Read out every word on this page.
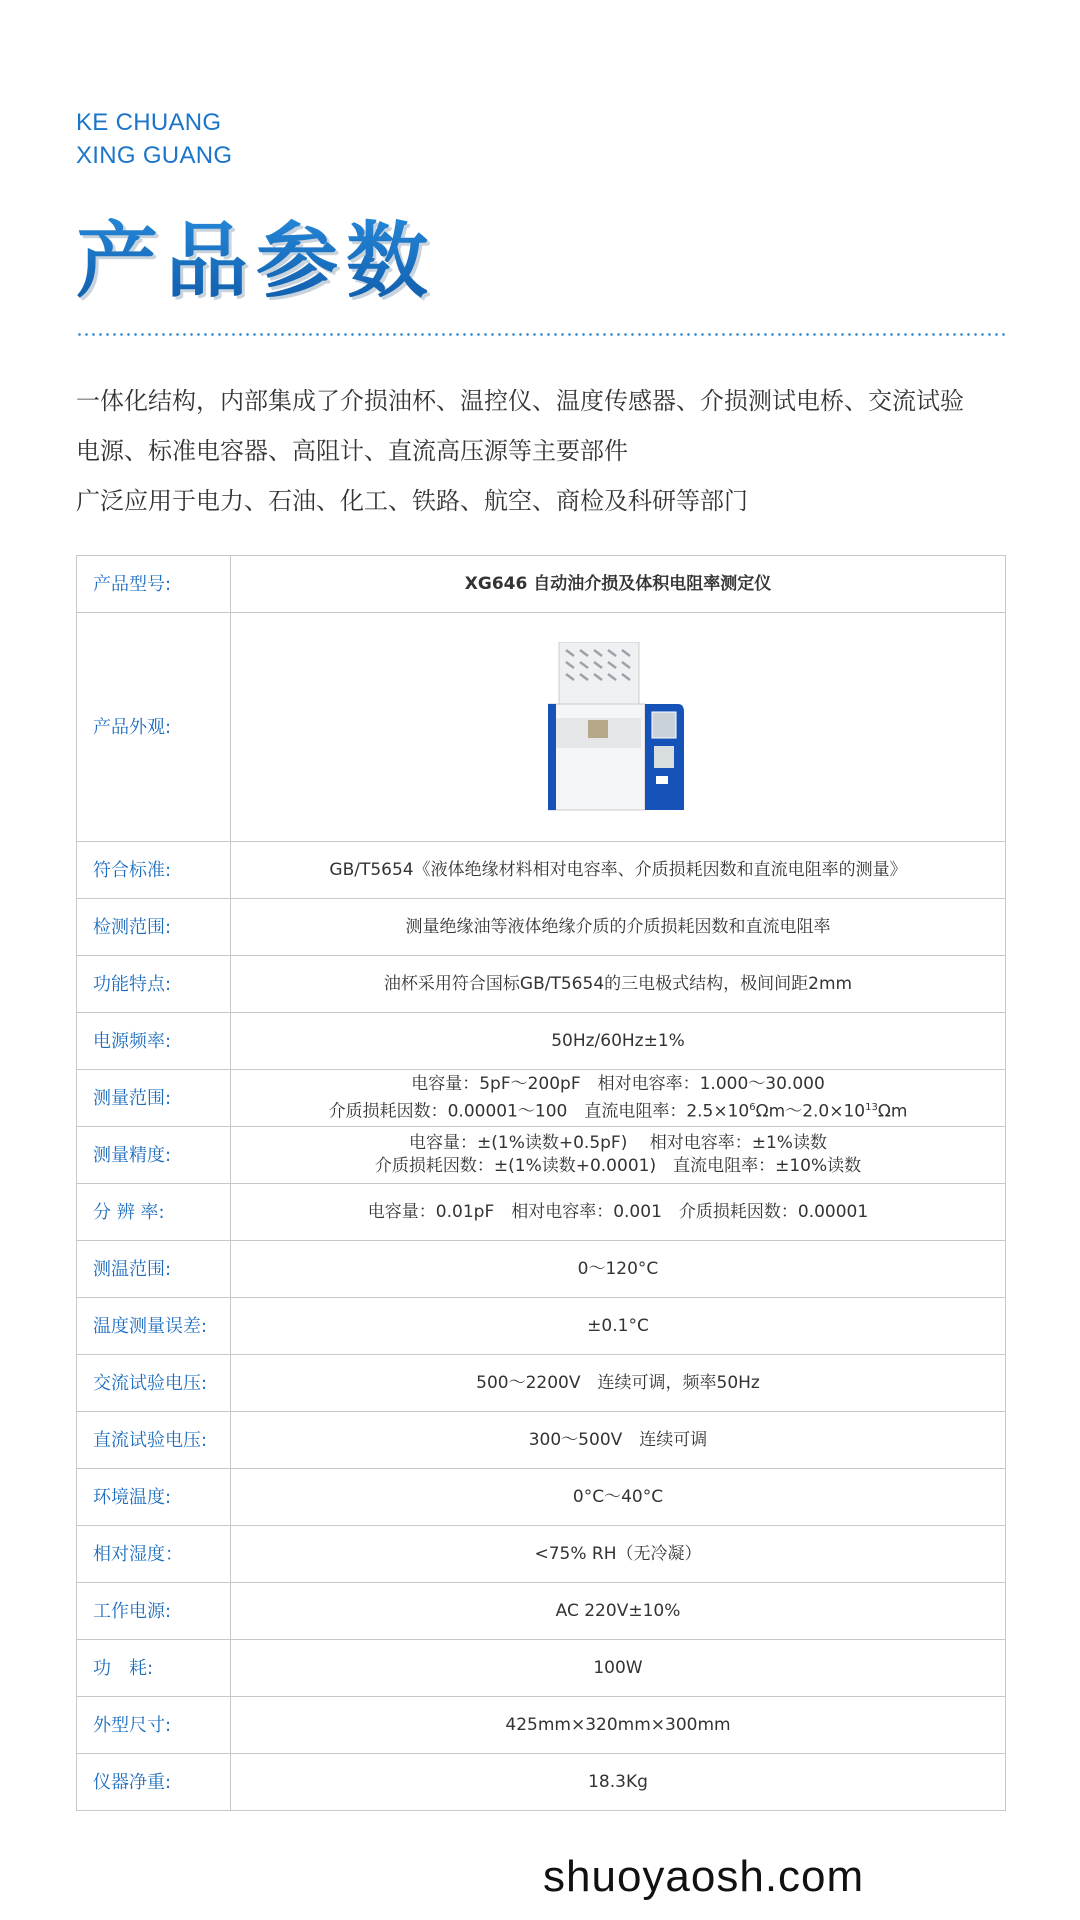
KE CHUANG
XING GUANG
产品参数
一体化结构，内部集成了介损油杯、温控仪、温度传感器、介损测试电桥、交流试验
电源、标准电容器、高阻计、直流高压源等主要部件
广泛应用于电力、石油、化工、铁路、航空、商检及科研等部门
产品型号:	XG646 自动油介损及体积电阻率测定仪
产品外观:	

符合标准:	GB/T5654《液体绝缘材料相对电容率、介质损耗因数和直流电阻率的测量》

检测范围:	测量绝缘油等液体绝缘介质的介质损耗因数和直流电阻率

功能特点:	油杯采用符合国标GB/T5654的三电极式结构，极间间距2mm

电源频率:	50Hz/60Hz±1%

测量范围:	电容量：5pF～200pF　相对电容率：1.000～30.000
介质损耗因数：0.00001～100　直流电阻率：$2.5\times 10^6\Omega m\sim 2.0\times 10^{13}\Omega m$

测量精度:	电容量：±(1%读数+0.5pF)　 相对电容率：±1%读数
介质损耗因数：±(1%读数+0.0001)　直流电阻率：±10%读数

分 辨 率:	电容量：0.01pF　相对电容率：0.001　介质损耗因数：0.00001

测温范围:	0～120°C

温度测量误差:	±0.1°C

交流试验电压:	500～2200V　连续可调，频率50Hz

直流试验电压:	300～500V　连续可调

环境温度:	0°C～40°C

相对湿度：	<75% RH（无冷凝）

工作电源:	AC 220V±10%

功　耗:	100W

外型尺寸:	425mm×320mm×300mm

仪器净重:	18.3Kg
shuoyaosh.com
